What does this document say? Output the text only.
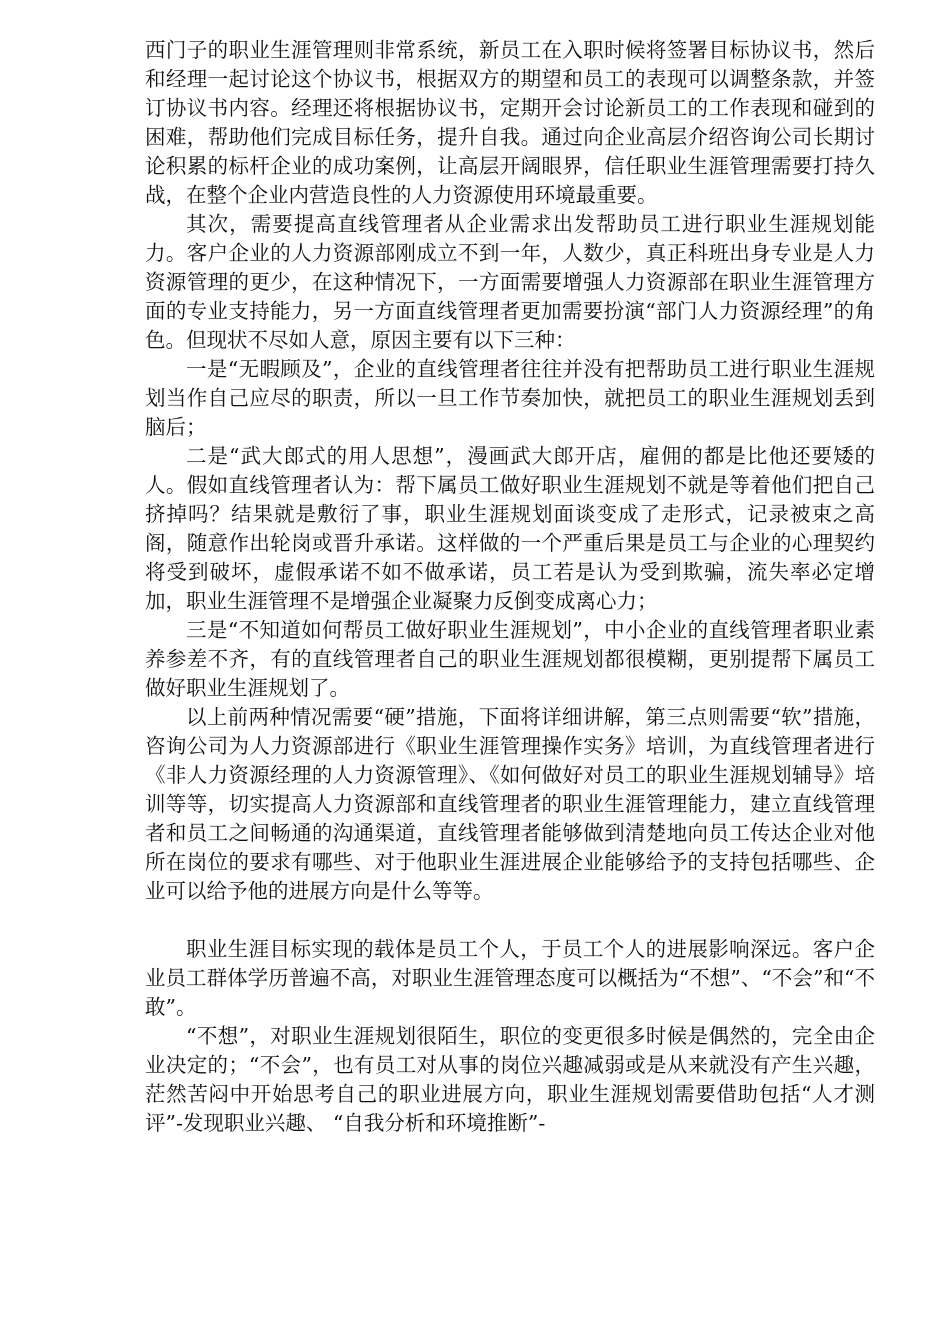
西门子的职业生涯管理则非常系统，新员工在入职时候将签署目标协议书，然后和经理一起讨论这个协议书，根据双方的期望和员工的表现可以调整条款，并签订协议书内容。经理还将根据协议书，定期开会讨论新员工的工作表现和碰到的困难，帮助他们完成目标任务，提升自我。通过向企业高层介绍咨询公司长期讨论积累的标杆企业的成功案例，让高层开阔眼界，信任职业生涯管理需要打持久战，在整个企业内营造良性的人力资源使用环境最重要。

其次，需要提高直线管理者从企业需求出发帮助员工进行职业生涯规划能力。客户企业的人力资源部刚成立不到一年，人数少，真正科班出身专业是人力资源管理的更少，在这种情况下，一方面需要增强人力资源部在职业生涯管理方面的专业支持能力，另一方面直线管理者更加需要扮演“部门人力资源经理”的角色。但现状不尽如人意，原因主要有以下三种：

一是“无暇顾及”，企业的直线管理者往往并没有把帮助员工进行职业生涯规划当作自己应尽的职责，所以一旦工作节奏加快，就把员工的职业生涯规划丢到脑后；

二是“武大郎式的用人思想”，漫画武大郎开店，雇佣的都是比他还要矮的人。假如直线管理者认为：帮下属员工做好职业生涯规划不就是等着他们把自己挤掉吗？结果就是敷衍了事，职业生涯规划面谈变成了走形式，记录被束之高阁，随意作出轮岗或晋升承诺。这样做的一个严重后果是员工与企业的心理契约将受到破坏，虚假承诺不如不做承诺，员工若是认为受到欺骗，流失率必定增加，职业生涯管理不是增强企业凝聚力反倒变成离心力；

三是“不知道如何帮员工做好职业生涯规划”，中小企业的直线管理者职业素养参差不齐，有的直线管理者自己的职业生涯规划都很模糊，更别提帮下属员工做好职业生涯规划了。

以上前两种情况需要“硬”措施，下面将详细讲解，第三点则需要“软”措施，咨询公司为人力资源部进行《职业生涯管理操作实务》培训，为直线管理者进行《非人力资源经理的人力资源管理》、《如何做好对员工的职业生涯规划辅导》培训等等，切实提高人力资源部和直线管理者的职业生涯管理能力，建立直线管理者和员工之间畅通的沟通渠道，直线管理者能够做到清楚地向员工传达企业对他所在岗位的要求有哪些、对于他职业生涯进展企业能够给予的支持包括哪些、企业可以给予他的进展方向是什么等等。

职业生涯目标实现的载体是员工个人，于员工个人的进展影响深远。客户企业员工群体学历普遍不高，对职业生涯管理态度可以概括为“不想”、“不会”和“不敢”。

“不想”，对职业生涯规划很陌生，职位的变更很多时候是偶然的，完全由企业决定的；“不会”，也有员工对从事的岗位兴趣减弱或是从来就没有产生兴趣，茫然苦闷中开始思考自己的职业进展方向，职业生涯规划需要借助包括“人才测评”-发现职业兴趣、 “自我分析和环境推断”-
